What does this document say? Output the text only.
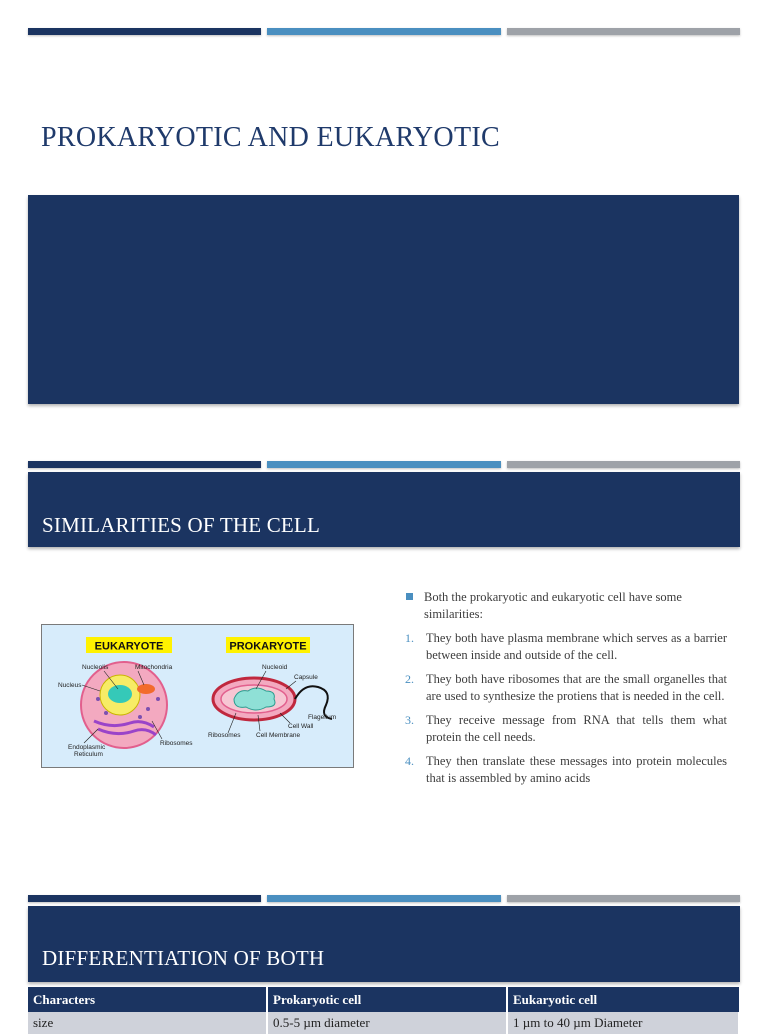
PROKARYOTIC AND EUKARYOTIC
SIMILARITIES OF THE CELL
EUKARYOTE	PROKARYOTE
Nucleolis	Mitochondria
Nucleus
Endoplasmic
Reticulum
Ribosomes
Nucleoid
Capsule
Flagellum
Cell Wall
Ribosomes Cell Membrane
Both the prokaryotic and eukaryotic cell have some similarities:
1. They both have plasma membrane which serves as a barrier between inside and outside of the cell.
2. They both have ribosomes that are the small organelles that are used to synthesize the protiens that is needed in the cell.
3. They receive message from RNA that tells them what protein the cell needs.
4. They then translate these messages into protein molecules that is assembled by amino acids
DIFFERENTIATION OF BOTH
Characters	Prokaryotic cell	Eukaryotic cell
size	0.5-5 µm diameter	1 µm to 40 µm Diameter
